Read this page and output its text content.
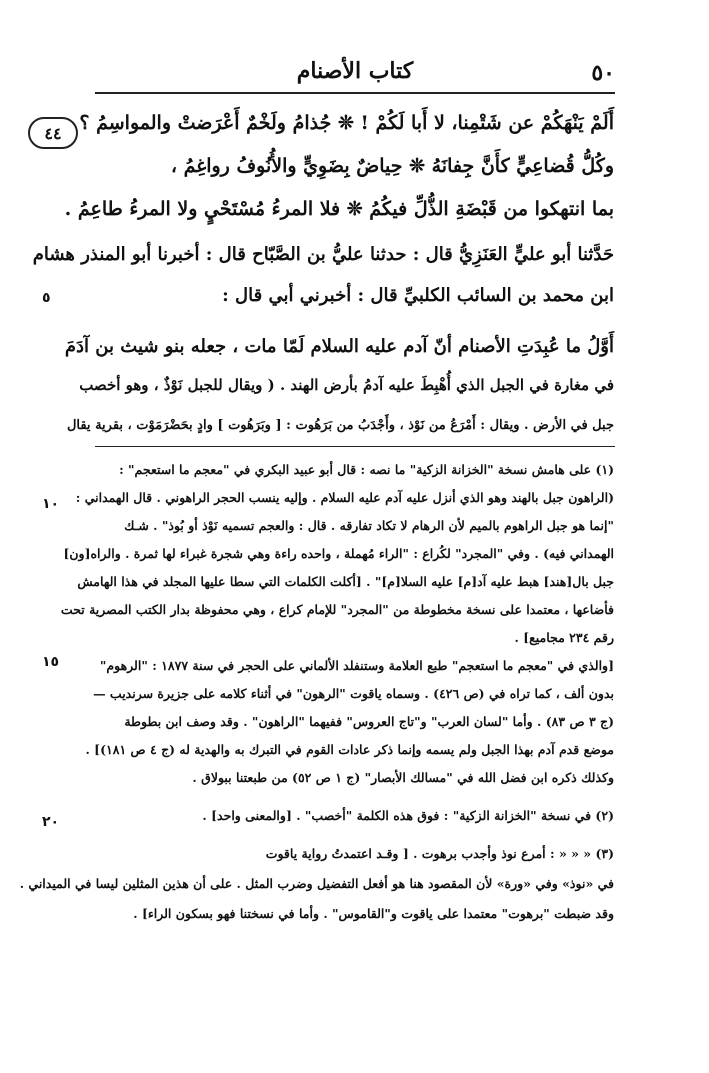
٥٠
كتاب الأصنام
٤٤ أَلَمْ يَنْهَكُمْ عن شَتْمِنا، لا أَبا لَكُمْ ! ❊ جُذامُ ولَخْمٌ أَعْرَضتْ والمواسِمُ ؟
وكُلُّ قُضاعِيٍّ كأَنَّ جِفانَهُ ❊ حِياضٌ بِضَوِيٍّ والأُنُوفُ رواغِمُ ،
بما انتهكوا من قَبْضَةِ الذُّلِّ فيكُمُ ❊ فلا المرءُ مُسْتَحْيٍ ولا المرءُ طاعِمُ .
حَدَّثنا أبو عليٍّ العَنَزِيُّ قال : حدثنا عليُّ بن الصَّبّاح قال : أخبرنا أبو المنذر هشام
ابن محمد بن السائب الكلبيِّ قال : أخبرني أبي قال :
أَوَّلُ ما عُبِدَتِ الأصنام أنّ آدم عليه السلام لَمّا مات ، جعله بنو شيث بن آدَمَ
في مغارة في الجبل الذي أُهْبِطَ عليه آدمُ بأرض الهند . ( ويقال للجبل نَوْذٌ ، وهو أخصب
جبل في الأرض . ويقال : أَمْرَعُ من نَوْذ ، وأَجْدَبُ من بَرَهُوت : [ وبَرَهُوت ] وادٍ بحَضْرَمَوْت ، بقرية يقال
(١) على هامش نسخة "الخزانة الزكية" ما نصه : قال أبو عبيد البكري في "معجم ما استعجم" :
(الراهون جبل بالهند وهو الذي أنزل عليه آدم عليه السلام . وإليه ينسب الحجر الراهوني . قال الهمداني :
"إنما هو جبل الراهوم بالميم لأن الرهام لا تكاد تفارقه . قال : والعجم تسميه نَوْذ أو بُوذ" . شـك
الهمداني فيه) . وفي "المجرد" لكُراع : "الراء مُهملة ، واحده راءة وهي شجرة غبراء لها ثمرة . والراه[ون]
جبل بال[هند] هبط عليه آد[م] عليه السلا[م]" . [أكلت الكلمات التي سطا عليها المجلد في هذا الهامش
فأضاعها ، معتمدا على نسخة مخطوطة من "المجرد" للإمام كراع ، وهي محفوظة بدار الكتب المصرية تحت
رقم ٢٣٤ مجاميع] .
[والذي في "معجم ما استعجم" طبع العلامة وستنفلد الألماني على الحجر في سنة ١٨٧٧ : "الرهوم"
بدون ألف ، كما تراه في (ص ٤٢٦) . وسماه ياقوت "الرهون" في أثناء كلامه على جزيرة سرنديب —
(ج ٣ ص ٨٣) . وأما "لسان العرب" و"تاج العروس" ففيهما "الراهون" . وقد وصف ابن بطوطة
موضع قدم آدم بهذا الجبل ولم يسمه وإنما ذكر عادات القوم في التبرك به والهدية له (ج ٤ ص ١٨١)] .
وكذلك ذكره ابن فضل الله في "مسالك الأبصار" (ج ١ ص ٥٢) من طبعتنا ببولاق .
(٢) في نسخة "الخزانة الزكية" : فوق هذه الكلمة "أخصب" . [والمعنى واحد] .
(٣) « « « : أمرع نوذ وأجدب برهوت . [ وقـد اعتمدتُ رواية ياقوت
في «نوذ» وفي «ورة» لأن المقصود هنا هو أفعل التفضيل وضرب المثل . على أن هذين المثلين ليسا في الميداني .
وقد ضبطت "برهوت" معتمدا على ياقوت و"القاموس" . وأما في نسختنا فهو بسكون الراء] .
٥
١٠
١٥
٢٠
